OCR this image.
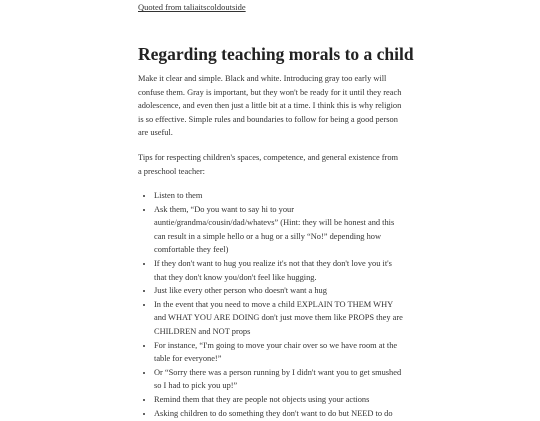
Quoted from taliaitscoldoutside
Regarding teaching morals to a child

Make it clear and simple. Black and white. Introducing gray too early will confuse them. Gray is important, but they won't be ready for it until they reach adolescence, and even then just a little bit at a time. I think this is why religion is so effective. Simple rules and boundaries to follow for being a good person are useful.

Tips for respecting children's spaces, competence, and general existence from a preschool teacher:

• Listen to them
• Ask them, “Do you want to say hi to your auntie/grandma/cousin/dad/whatevs” (Hint: they will be honest and this can result in a simple hello or a hug or a silly “No!” depending how comfortable they feel)
• If they don't want to hug you realize it's not that they don't love you it's that they don't know you/don't feel like hugging.
• Just like every other person who doesn't want a hug
• In the event that you need to move a child EXPLAIN TO THEM WHY and WHAT YOU ARE DOING don't just move them like PROPS they are CHILDREN and NOT props
• For instance, “I'm going to move your chair over so we have room at the table for everyone!”
• Or “Sorry there was a person running by I didn't want you to get smushed so I had to pick you up!”
• Remind them that they are people not objects using your actions
• Asking children to do something they don't want to do but NEED to do
